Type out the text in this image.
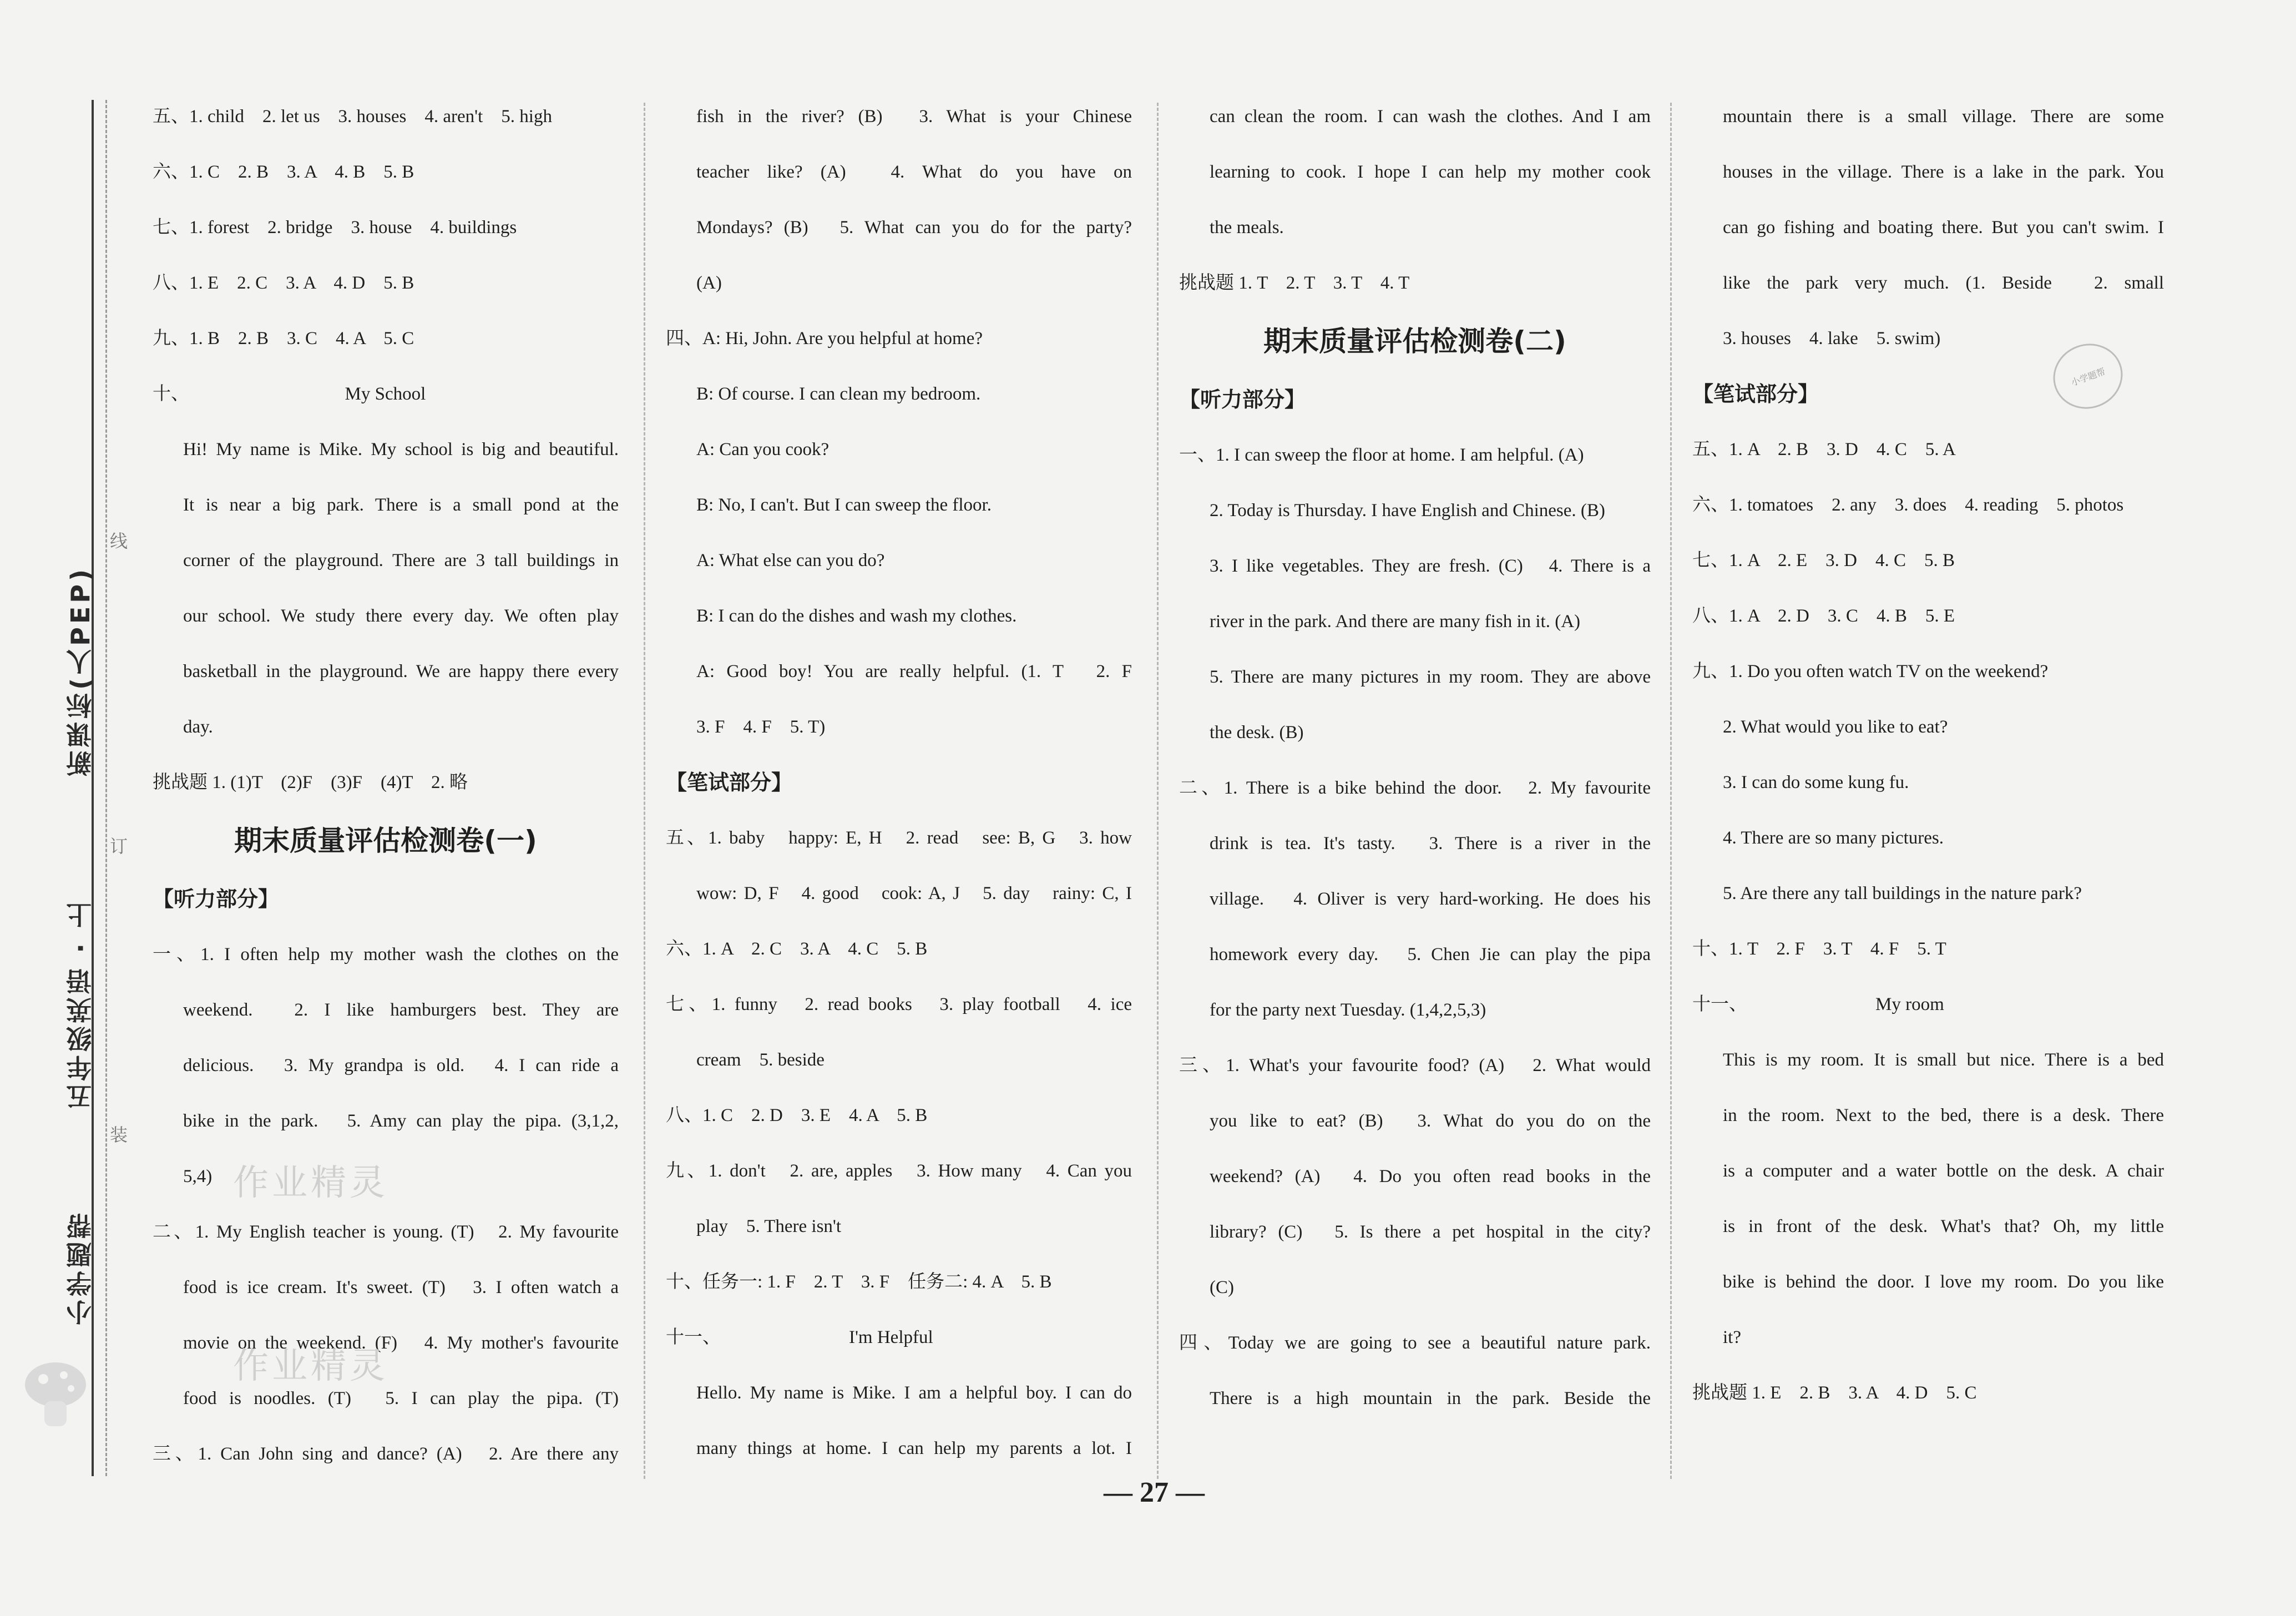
小学题帮
五年级英语 · 上
新课标(人PEP)
装
订
线
五、1. child　2. let us　3. houses　4. aren't　5. high
六、1. C　2. B　3. A　4. B　5. B
七、1. forest　2. bridge　3. house　4. buildings
八、1. E　2. C　3. A　4. D　5. B
九、1. B　2. B　3. C　4. A　5. C
十、                                  My School
Hi! My name is Mike. My school is big and beautiful.
It is near a big park. There is a small pond at the
corner of the playground. There are 3 tall buildings in
our school. We study there every day. We often play
basketball in the playground. We are happy there every
day.
挑战题 1. (1)T　(2)F　(3)F　(4)T　2. 略
期末质量评估检测卷(一)
【听力部分】
一、1. I often help my mother wash the clothes on the
weekend.　2. I like hamburgers best. They are
delicious.　3. My grandpa is old.　4. I can ride a
bike in the park.　5. Amy can play the pipa. (3,1,2,
5,4)
二、1. My English teacher is young. (T)　2. My favourite
food is ice cream. It's sweet. (T)　3. I often watch a
movie on the weekend. (F)　4. My mother's favourite
food is noodles. (T)　5. I can play the pipa. (T)
三、1. Can John sing and dance? (A)　2. Are there any
fish in the river? (B)　3. What is your Chinese
teacher like? (A)　4. What do you have on
Mondays? (B)　5. What can you do for the party?
(A)
四、A: Hi, John. Are you helpful at home?
B: Of course. I can clean my bedroom.
A: Can you cook?
B: No, I can't. But I can sweep the floor.
A: What else can you do?
B: I can do the dishes and wash my clothes.
A: Good boy! You are really helpful. (1. T　2. F
3. F　4. F　5. T)
【笔试部分】
五、1. baby　happy: E, H　2. read　see: B, G　3. how
wow: D, F　4. good　cook: A, J　5. day　rainy: C, I
六、1. A　2. C　3. A　4. C　5. B
七、1. funny　2. read books　3. play football　4. ice
cream　5. beside
八、1. C　2. D　3. E　4. A　5. B
九、1. don't　2. are, apples　3. How many　4. Can you
play　5. There isn't
十、任务一: 1. F　2. T　3. F　任务二: 4. A　5. B
十一、                            I'm Helpful
Hello. My name is Mike. I am a helpful boy. I can do
many things at home. I can help my parents a lot. I
can clean the room. I can wash the clothes. And I am
learning to cook. I hope I can help my mother cook
the meals.
挑战题 1. T　2. T　3. T　4. T
期末质量评估检测卷(二)
【听力部分】
一、1. I can sweep the floor at home. I am helpful. (A)
2. Today is Thursday. I have English and Chinese. (B)
3. I like vegetables. They are fresh. (C)　4. There is a
river in the park. And there are many fish in it. (A)
5. There are many pictures in my room. They are above
the desk. (B)
二、1. There is a bike behind the door.　2. My favourite
drink is tea. It's tasty.　3. There is a river in the
village.　4. Oliver is very hard-working. He does his
homework every day.　5. Chen Jie can play the pipa
for the party next Tuesday. (1,4,2,5,3)
三、1. What's your favourite food? (A)　2. What would
you like to eat? (B)　3. What do you do on the
weekend? (A)　4. Do you often read books in the
library? (C)　5. Is there a pet hospital in the city?
(C)
四、Today we are going to see a beautiful nature park.
There is a high mountain in the park. Beside the
mountain there is a small village. There are some
houses in the village. There is a lake in the park. You
can go fishing and boating there. But you can't swim. I
like the park very much. (1. Beside　2. small
3. houses　4. lake　5. swim)
【笔试部分】
五、1. A　2. B　3. D　4. C　5. A
六、1. tomatoes　2. any　3. does　4. reading　5. photos
七、1. A　2. E　3. D　4. C　5. B
八、1. A　2. D　3. C　4. B　5. E
九、1. Do you often watch TV on the weekend?
2. What would you like to eat?
3. I can do some kung fu.
4. There are so many pictures.
5. Are there any tall buildings in the nature park?
十、1. T　2. F　3. T　4. F　5. T
十一、                            My room
This is my room. It is small but nice. There is a bed
in the room. Next to the bed, there is a desk. There
is a computer and a water bottle on the desk. A chair
is in front of the desk. What's that? Oh, my little
bike is behind the door. I love my room. Do you like
it?
挑战题 1. E　2. B　3. A　4. D　5. C
小学题帮
作业精灵
作业精灵
— 27 —
